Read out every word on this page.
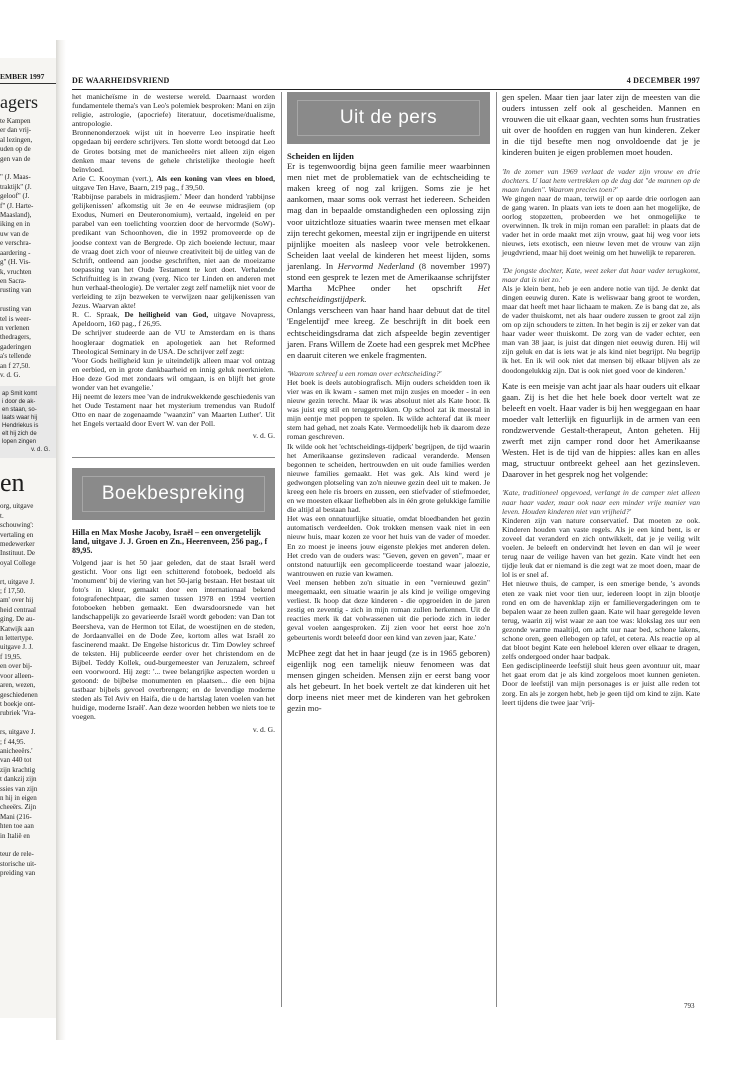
EMBER 1997
agers

te Kampen

er dan vrij-

al lezingen,

uden op de

gen van de

" (J. Maas-

traktijk" (J.

geloof" (J.

f" (J. Harte-

Maasland),

iking en in

uw van de

e verschra-

aardering -

g" (H. Vis-

k, vruchten

en Sacra-

rusting van

rusting van

tel is weer-

n verlenen

thedragers,

gaderingen

a's tellende

an f 27,50.

v. d. G.

ap Smit komt

i door de ak-

en staan, so-

laats waar hij

Hendriekus is

elt hij zich de

lopen zingen

v. d. G.

en

org, uitgave

t.

schouwing':

vertaling en

medewerker

Instituut. De

oyal College

rt, uitgave J.

; f 17,50.

am' over hij

heid centraal

ging. De au-

Katwijk aan

n lettertype.

uitgave J. J.

f 19,95.

en over bij-

voor alleen-

aren, wezen,

geschiedenen

t boekje ont-

rubriek 'Vra-

rs, uitgave J.

; f 44,95.

anicheeërs.'

van 440 tot

zijn krachtig

t dankzij zijn

ssies van zijn

n hij in eigen

cheeërs. Zijn

Mani (216-

hten toe aan

in Italië en

teur de rele-

storische uit-

preiding van

DE WAARHEIDSVRIEND	4 DECEMBER 1997

het manicheïsme in de westerse wereld. Daarnaast worden fundamentele thema's van Leo's polemiek besproken: Mani en zijn religie, astrologie, (apocriefe) literatuur, docetisme/dualisme, antropologie.

Bronnenonderzoek wijst uit in hoeverre Leo inspiratie heeft opgedaan bij eerdere schrijvers. Ten slotte wordt betoogd dat Leo de Grotes botsing met de manicheeërs niet alleen zijn eigen denken maar tevens de gehele christelijke theologie heeft beïnvloed.

Arie C. Kooyman (vert.), Als een koning van vlees en bloed, uitgave Ten Have, Baarn, 219 pag., f 39,50.

'Rabbijnse parabels in midrasjiem.' Meer dan honderd 'rabbijnse gelijkenissen' afkomstig uit 3e en 4e eeuwse midrasjiem (op Exodus, Numeri en Deuteronomium), vertaald, ingeleid en per parabel van een toelichting voorzien door de hervormde (SoW)-predikant van Schoonhoven, die in 1992 promoveerde op de joodse context van de Bergrede. Op zich boeiende lectuur, maar de vraag doet zich voor of nieuwe creativiteit bij de uitleg van de Schrift, ontleend aan joodse geschriften, niet aan de moeizame toepassing van het Oude Testament te kort doet. Verhalende Schriftuitleg is in zwang (verg. Nico ter Linden en anderen met hun verhaal-theologie). De vertaler zegt zelf namelijk niet voor de verleiding te zijn bezweken te verwijzen naar gelijkenissen van Jezus. Waarvan akte!

R. C. Spraak, De heiligheid van God, uitgave Novapress, Apeldoorn, 160 pag., f 26,95.

De schrijver studeerde aan de VU te Amsterdam en is thans hoogleraar dogmatiek en apologetiek aan het Reformed Theological Seminary in de USA. De schrijver zelf zegt:

'Voor Gods heiligheid kun je uiteindelijk alleen maar vol ontzag en eerbied, en in grote dankbaarheid en innig geluk neerknielen. Hoe deze God met zondaars wil omgaan, is en blijft het grote wonder van het evangelie.'

Hij neemt de lezers mee 'van de indrukwekkende geschiedenis van het Oude Testament naar het mysterium tremendus van Rudolf Otto en naar de zogenaamde "waanzin" van Maarten Luther'. Uit het Engels vertaald door Evert W. van der Poll.

v. d. G.

Boekbespreking

Hilla en Max Moshe Jacoby, Israël – een onvergetelijk land, uitgave J. J. Groen en Zn., Heerenveen, 256 pag., f 89,95.

Volgend jaar is het 50 jaar geleden, dat de staat Israël werd gesticht. Voor ons ligt een schitterend fotoboek, bedoeld als 'monument' bij de viering van het 50-jarig bestaan. Het bestaat uit foto's in kleur, gemaakt door een internationaal bekend fotografenechtpaar, die samen tussen 1978 en 1994 veertien fotoboeken hebben gemaakt. Een dwarsdoorsnede van het landschappelijk zo gevarieerde Israël wordt geboden: van Dan tot Beersheva, van de Hermon tot Eilat, de woestijnen en de steden, de Jordaanvallei en de Dode Zee, kortom alles wat Israël zo fascinerend maakt. De Engelse historicus dr. Tim Dowley schreef de teksten. Hij publiceerde eerder over het christendom en de Bijbel. Teddy Kollek, oud-burgemeester van Jeruzalem, schreef een voorwoord. Hij zegt: '... twee belangrijke aspecten worden u getoond: de bijbelse monumenten en plaatsen... die een bijna tastbaar bijbels gevoel overbrengen; en de levendige moderne steden als Tel Aviv en Haifa, die u de hartslag laten voelen van het huidige, moderne Israël'. Aan deze woorden hebben we niets toe te voegen.

v. d. G.

Uit de pers

Scheiden en lijden

Er is tegenwoordig bijna geen familie meer waarbinnen men niet met de problematiek van de echtscheiding te maken kreeg of nog zal krijgen. Soms zie je het aankomen, maar soms ook verrast het iedereen. Scheiden mag dan in bepaalde omstandigheden een oplossing zijn voor uitzichtloze situaties waarin twee mensen met elkaar zijn terecht gekomen, meestal zijn er ingrijpende en uiterst pijnlijke moeiten als nasleep voor vele betrokkenen. Scheiden laat veelal de kinderen het meest lijden, soms jarenlang. In Hervormd Nederland (8 november 1997) stond een gesprek te lezen met de Amerikaanse schrijfster Martha McPhee onder het opschrift Het echtscheidingstijdperk.

Onlangs verscheen van haar hand haar debuut dat de titel 'Engelentijd' mee kreeg. Ze beschrijft in dit boek een echtscheidingsdrama dat zich afspeelde begin zeventiger jaren. Frans Willem de Zoete had een gesprek met McPhee en daaruit citeren we enkele fragmenten.

'Waarom schreef u een roman over echtscheiding?'

Het boek is deels autobiografisch. Mijn ouders scheidden toen ik vier was en ik kwam - samen met mijn zusjes en moeder - in een nieuw gezin terecht. Maar ik was absoluut niet als Kate hoor. Ik was juist erg stil en teruggetrokken. Op school zat ik meestal in mijn eentje met poppen te spelen. Ik wilde achteraf dat ik meer stem had gehad, net zoals Kate. Vermoedelijk heb ik daarom deze roman geschreven.

Ik wilde ook het 'echtscheidings-tijdperk' begrijpen, de tijd waarin het Amerikaanse gezinsleven radicaal veranderde. Mensen begonnen te scheiden, hertrouwden en uit oude families werden nieuwe families gemaakt. Het was gek. Als kind werd je gedwongen plotseling van zo'n nieuwe gezin deel uit te maken. Je kreeg een hele ris broers en zussen, een stiefvader of stiefmoeder, en we moesten elkaar liefhebben als in één grote gelukkige familie die altijd al bestaan had.

Het was een onnatuurlijke situatie, omdat bloedbanden het gezin automatisch verdeelden. Ook trokken mensen vaak niet in een nieuw huis, maar kozen ze voor het huis van de vader of moeder. En zo moest je ineens jouw eigenste plekjes met anderen delen. Het credo van de ouders was: "Geven, geven en geven", maar er ontstond natuurlijk een gecompliceerde toestand waar jaloezie, wantrouwen en ruzie van kwamen.

Veel mensen hebben zo'n situatie in een "vernieuwd gezin" meegemaakt, een situatie waarin je als kind je veilige omgeving verliest. Ik hoop dat deze kinderen - die opgroeiden in de jaren zestig en zeventig - zich in mijn roman zullen herkennen. Uit de reacties merk ik dat volwassenen uit die periode zich in ieder geval voelen aangesproken. Zij zien voor het eerst hoe zo'n gebeurtenis wordt beleefd door een kind van zeven jaar, Kate.'

McPhee zegt dat het in haar jeugd (ze is in 1965 geboren) eigenlijk nog een tamelijk nieuw fenomeen was dat mensen gingen scheiden. Mensen zijn er eerst bang voor als het gebeurt. In het boek vertelt ze dat kinderen uit het dorp ineens niet meer met de kinderen van het gebroken gezin mo-

gen spelen. Maar tien jaar later zijn de meesten van die ouders intussen zelf ook al gescheiden. Mannen en vrouwen die uit elkaar gaan, vechten soms hun frustraties uit over de hoofden en ruggen van hun kinderen. Zeker in die tijd besefte men nog onvoldoende dat je je kinderen buiten je eigen problemen moet houden.

'In de zomer van 1969 verlaat de vader zijn vrouw en drie dochters. U laat hem vertrekken op de dag dat "de mannen op de maan landen". Waarom precies toen?'

We gingen naar de maan, terwijl er op aarde drie oorlogen aan de gang waren. In plaats van iets te doen aan het mogelijke, de oorlog stopzetten, probeerden we het onmogelijke te overwinnen. Ik trek in mijn roman een parallel: in plaats dat de vader het in orde maakt met zijn vrouw, gaat hij weg voor iets nieuws, iets exotisch, een nieuw leven met de vrouw van zijn jeugdvriend, maar hij doet weinig om het huwelijk te repareren.

'De jongste dochter, Kate, weet zeker dat haar vader terugkomt, maar dat is niet zo.'

Als je klein bent, heb je een andere notie van tijd. Je denkt dat dingen eeuwig duren. Kate is weliswaar bang groot te worden, maar dat heeft met haar lichaam te maken. Ze is bang dat ze, als de vader thuiskomt, net als haar oudere zussen te groot zal zijn om op zijn schouders te zitten. In het begin is zij er zeker van dat haar vader weer thuiskomt. De zorg van de vader echter, een man van 38 jaar, is juist dat dingen niet eeuwig duren. Hij wil zijn geluk en dat is iets wat je als kind niet begrijpt. Nu begrijp ik het. En ik wil ook niet dat mensen bij elkaar blijven als ze doodongelukkig zijn. Dat is ook niet goed voor de kinderen.'

Kate is een meisje van acht jaar als haar ouders uit elkaar gaan. Zij is het die het hele boek door vertelt wat ze beleeft en voelt. Haar vader is bij hen weggegaan en haar moeder valt letterlijk en figuurlijk in de armen van een rondzwervende Gestalt-therapeut, Anton geheten. Hij zwerft met zijn camper rond door het Amerikaanse Westen. Het is de tijd van de hippies: alles kan en alles mag, structuur ontbreekt geheel aan het gezinsleven. Daarover in het gesprek nog het volgende:

'Kate, traditioneel opgevoed, verlangt in de camper niet alleen naar haar vader, maar ook naar een minder vrije manier van leven. Houden kinderen niet van vrijheid?'

Kinderen zijn van nature conservatief. Dat moeten ze ook. Kinderen houden van vaste regels. Als je een kind bent, is er zoveel dat veranderd en zich ontwikkelt, dat je je veilig wilt voelen. Je beleeft en ondervindt het leven en dan wil je weer terug naar de veilige haven van het gezin. Kate vindt het een tijdje leuk dat er niemand is die zegt wat ze moet doen, maar de lol is er snel af.

Het nieuwe thuis, de camper, is een smerige bende, 's avonds eten ze vaak niet voor tien uur, iedereen loopt in zijn blootje rond en om de havenklap zijn er familievergaderingen om te bepalen waar ze heen zullen gaan. Kate wil haar geregelde leven terug, waarin zij wist waar ze aan toe was: klokslag zes uur een gezonde warme maaltijd, om acht uur naar bed, schone lakens, schone oren, geen ellebogen op tafel, et cetera. Als reactie op al dat bloot begint Kate een heleboel kleren over elkaar te dragen, zelfs ondergoed onder haar badpak.

Een gedisciplineerde leefstijl sluit heus geen avontuur uit, maar het gaat erom dat je als kind zorgeloos moet kunnen genieten. Door de leefstijl van mijn personages is er juist alle reden tot zorg. En als je zorgen hebt, heb je geen tijd om kind te zijn. Kate leert tijdens die twee jaar 'vrij-

793
